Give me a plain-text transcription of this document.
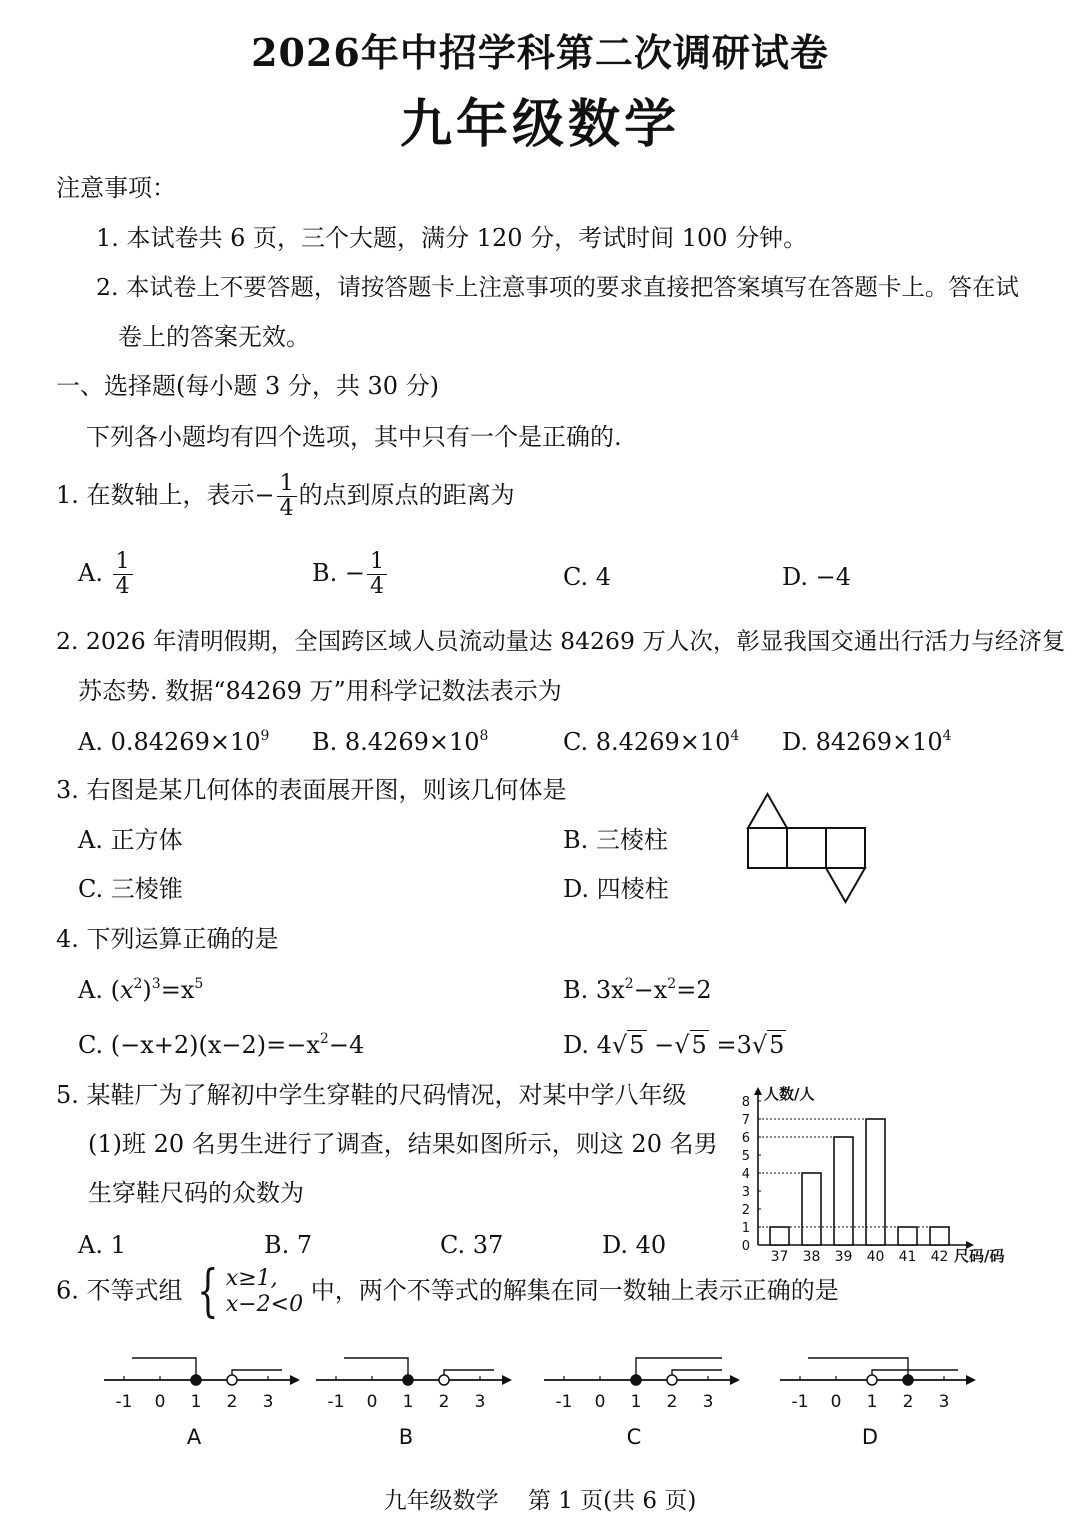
2026年中招学科第二次调研试卷
九年级数学
注意事项：
1. 本试卷共 6 页，三个大题，满分 120 分，考试时间 100 分钟。
2. 本试卷上不要答题，请按答题卡上注意事项的要求直接把答案填写在答题卡上。答在试
卷上的答案无效。
一、选择题(每小题 3 分，共 30 分)
下列各小题均有四个选项，其中只有一个是正确的.
1. 在数轴上，表示− $\frac{1}{4}$ 的点到原点的距离为
A. $\frac{1}{4}$	B. − $\frac{1}{4}$	C. 4	D. −4
2. 2026 年清明假期，全国跨区域人员流动量达 84269 万人次，彰显我国交通出行活力与经济复
苏态势. 数据“84269 万”用科学记数法表示为
A. $0.84269\times 10^9$ B. $8.4269\times 10^8$	C. $8.4269\times 10^4$ D. $84269\times 10^4$
3. 右图是某几何体的表面展开图，则该几何体是
A. 正方体	B. 三棱柱
C. 三棱锥	D. 四棱柱
4. 下列运算正确的是
A. $(x^2)^3=x^5$	B. $3x^2-x^2=2$
C. $(-x+2)(x-2)=-x^2-4$	D. 4√5 −√5 =3√5
5. 某鞋厂为了解初中学生穿鞋的尺码情况，对某中学八年级
(1)班 20 名男生进行了调查，结果如图所示，则这 20 名男
生穿鞋尺码的众数为
A. 1	B. 7	C. 37	D. 40	0
1
2
3
4
5
6
7
8 人数/人
37 38 39 40 41 42 尺码/码
6. 不等式组 { x≥1,
x−2<0 中，两个不等式的解集在同一数轴上表示正确的是
-1 0 1 2 3
A
-1 0 1 2 3
B
-1 0 1 2 3
C
-1 0 1 2 3
D
九年级数学    第 1 页(共 6 页)
